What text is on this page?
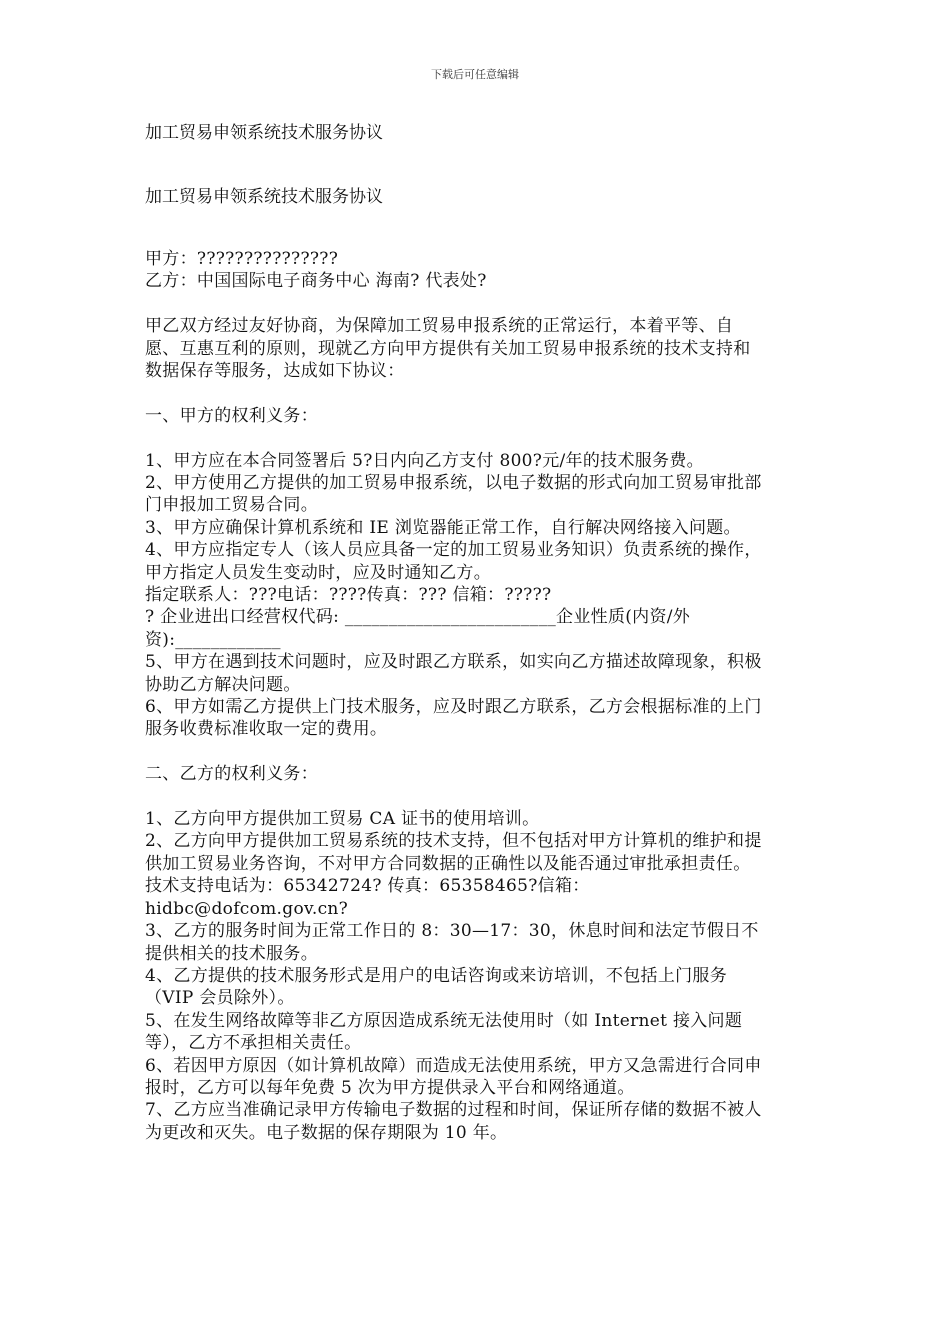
下载后可任意编辑
加工贸易申领系统技术服务协议
加工贸易申领系统技术服务协议

甲方：???????????????

乙方：中国国际电子商务中心 海南? 代表处?

甲乙双方经过友好协商，为保障加工贸易申报系统的正常运行，本着平等、自愿、互惠互利的原则，现就乙方向甲方提供有关加工贸易申报系统的技术支持和数据保存等服务，达成如下协议：

一、甲方的权利义务：

1、甲方应在本合同签署后 5?日内向乙方支付 800?元/年的技术服务费。

2、甲方使用乙方提供的加工贸易申报系统，以电子数据的形式向加工贸易审批部门申报加工贸易合同。

3、甲方应确保计算机系统和 IE 浏览器能正常工作，自行解决网络接入问题。

4、甲方应指定专人（该人员应具备一定的加工贸易业务知识）负责系统的操作，甲方指定人员发生变动时，应及时通知乙方。

指定联系人：???电话：????传真：??? 信箱：?????

? 企业进出口经营权代码: ________________________企业性质(内资/外资):____________

5、甲方在遇到技术问题时，应及时跟乙方联系，如实向乙方描述故障现象，积极协助乙方解决问题。

6、甲方如需乙方提供上门技术服务，应及时跟乙方联系，乙方会根据标准的上门服务收费标准收取一定的费用。

二、乙方的权利义务：

1、乙方向甲方提供加工贸易 CA 证书的使用培训。

2、乙方向甲方提供加工贸易系统的技术支持，但不包括对甲方计算机的维护和提供加工贸易业务咨询，不对甲方合同数据的正确性以及能否通过审批承担责任。

技术支持电话为：65342724? 传真：65358465?信箱：

hidbc@dofcom.gov.cn?

3、乙方的服务时间为正常工作日的 8：30—17：30，休息时间和法定节假日不提供相关的技术服务。

4、乙方提供的技术服务形式是用户的电话咨询或来访培训，不包括上门服务（VIP 会员除外）。

5、在发生网络故障等非乙方原因造成系统无法使用时（如 Internet 接入问题等），乙方不承担相关责任。

6、若因甲方原因（如计算机故障）而造成无法使用系统，甲方又急需进行合同申报时，乙方可以每年免费 5 次为甲方提供录入平台和网络通道。

7、乙方应当准确记录甲方传输电子数据的过程和时间，保证所存储的数据不被人为更改和灭失。电子数据的保存期限为 10 年。
